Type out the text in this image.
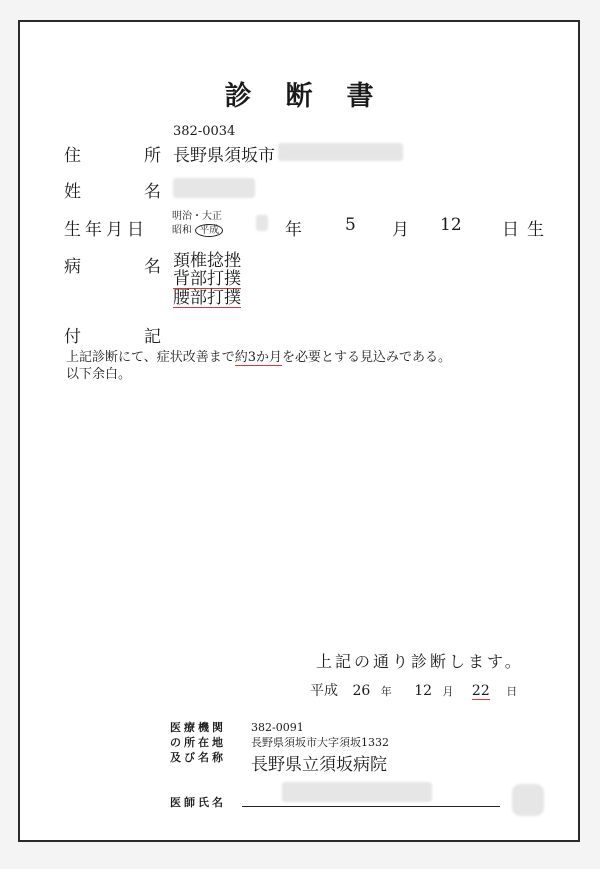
診断書
382-0034
住	所 長野県須坂市
姓	名
生年月日
明治・大正
昭和 平成	年	5 月 12 日生
病	名 頚椎捻挫
背部打撲
腰部打撲
付	記
上記診断にて、症状改善まで約3か月を必要とする見込みである。
以下余白。
上記の通り診断します。
平成 26 年 12 月 22 日
医療機関
の所在地
及び名称
382-0091
長野県須坂市大字須坂1332
長野県立須坂病院
医師氏名
